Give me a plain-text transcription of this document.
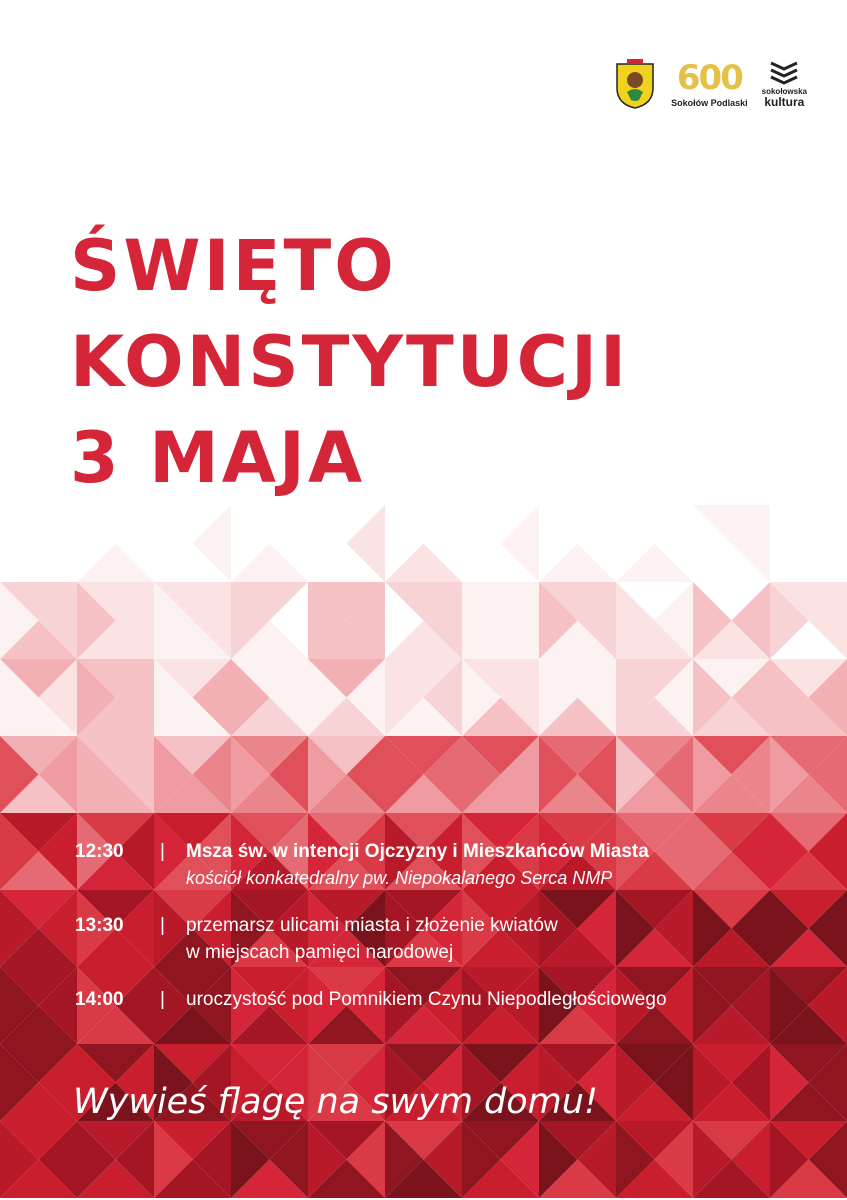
600
Sokołów Podlaski
sokołowska
kultura
ŚWIĘTO
KONSTYTUCJI
3 MAJA
12:30	|	Msza św. w intencji Ojczyzny i Mieszkańców Miasta
kościół konkatedralny pw. Niepokalanego Serca NMP
13:30	|	przemarsz ulicami miasta i złożenie kwiatów
w miejscach pamięci narodowej
14:00	|	uroczystość pod Pomnikiem Czynu Niepodległościowego

Wywieś flagę na swym domu!
